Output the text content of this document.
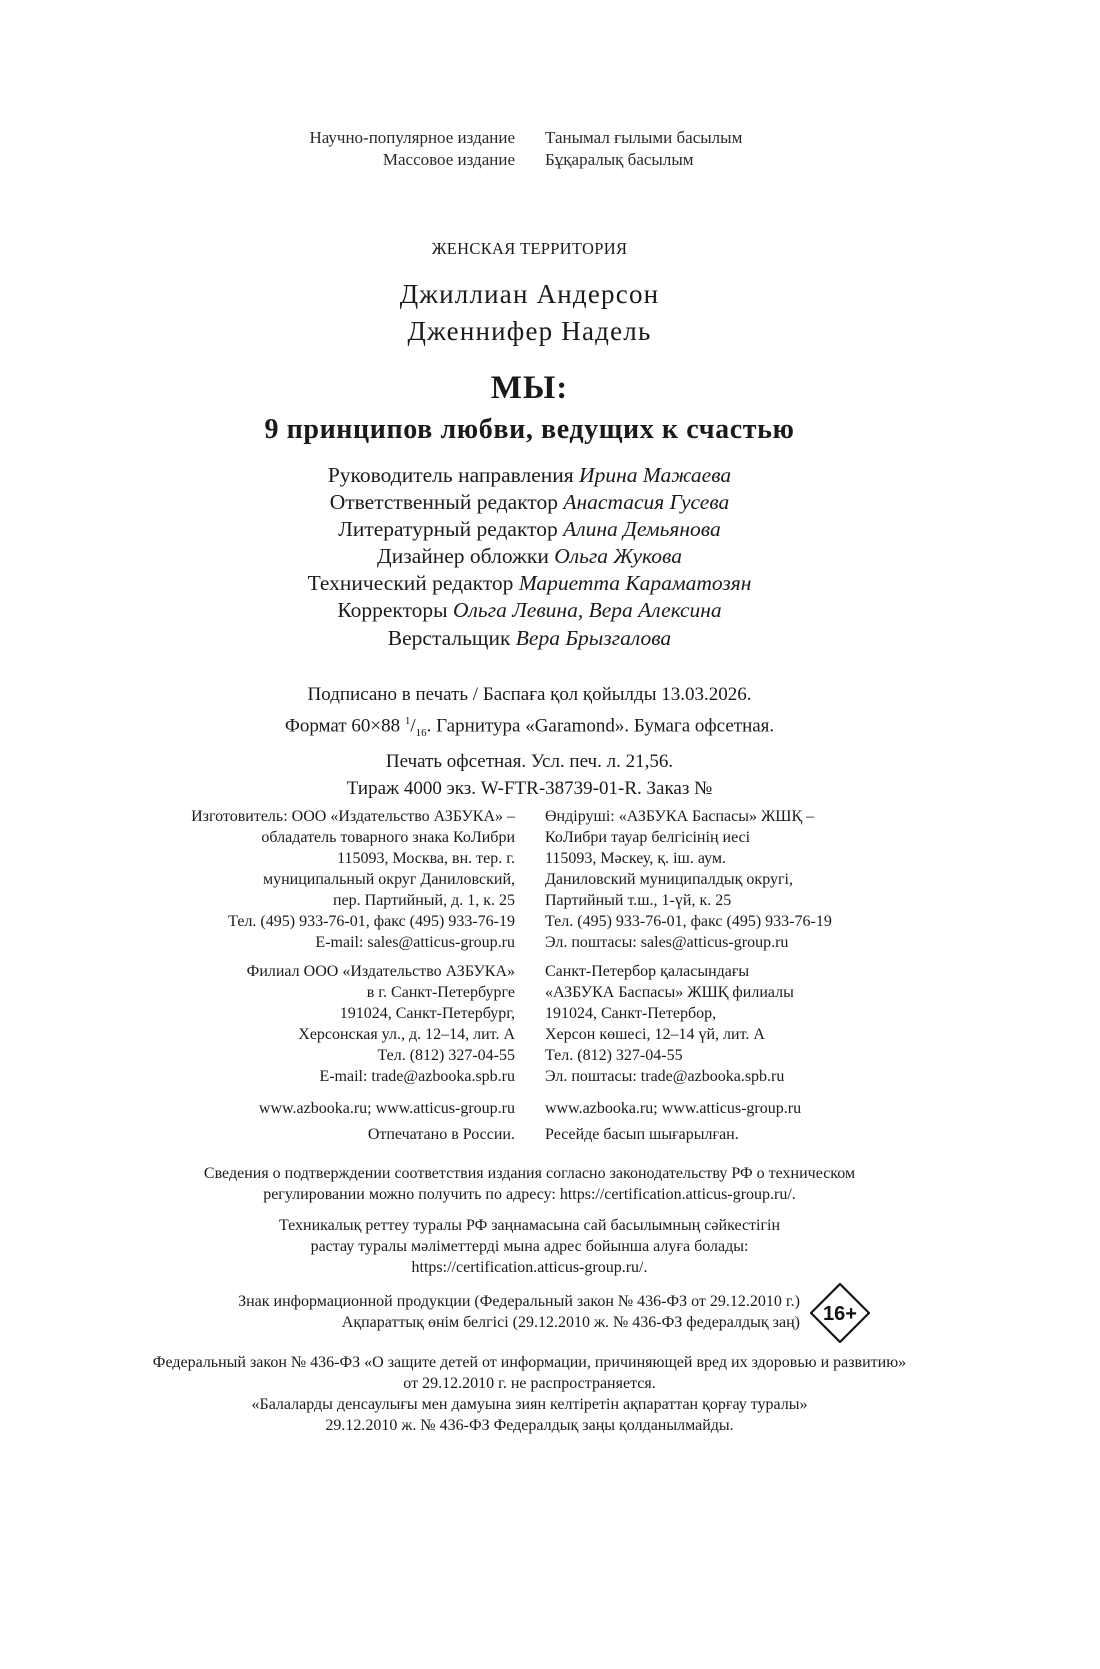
Научно-популярное издание
Массовое издание
Танымал ғылыми басылым
Бұқаралық басылым
ЖЕНСКАЯ ТЕРРИТОРИЯ
Джиллиан Андерсон
Дженнифер Надель
МЫ:
9 принципов любви, ведущих к счастью
Руководитель направления Ирина Мажаева
Ответственный редактор Анастасия Гусева
Литературный редактор Алина Демьянова
Дизайнер обложки Ольга Жукова
Технический редактор Мариетта Караматозян
Корректоры Ольга Левина, Вера Алексина
Верстальщик Вера Брызгалова
Подписано в печать / Баспаға қол қойылды 13.03.2026.
Формат 60×88 $^1/_{16}$. Гарнитура «Garamond». Бумага офсетная.
Печать офсетная. Усл. печ. л. 21,56.
Тираж 4000 экз. W-FTR-38739-01-R. Заказ №
Изготовитель: ООО «Издательство АЗБУКА» –
обладатель товарного знака КоЛибри
115093, Москва, вн. тер. г.
муниципальный округ Даниловский,
пер. Партийный, д. 1, к. 25
Тел. (495) 933-76-01, факс (495) 933-76-19
E-mail: sales@atticus-group.ru
Өндіруші: «АЗБУКА Баспасы» ЖШҚ –
КоЛибри тауар белгісінің иесі
115093, Мәскеу, қ. іш. аум.
Даниловский муниципалдық округі,
Партийный т.ш., 1-үй, к. 25
Тел. (495) 933-76-01, факс (495) 933-76-19
Эл. поштасы: sales@atticus-group.ru
Филиал ООО «Издательство АЗБУКА»
в г. Санкт-Петербурге
191024, Санкт-Петербург,
Херсонская ул., д. 12–14, лит. А
Тел. (812) 327-04-55
E-mail: trade@azbooka.spb.ru
Санкт-Петербор қаласындағы
«АЗБУКА Баспасы» ЖШҚ филиалы
191024, Санкт-Петербор,
Херсон көшесі, 12–14 үй, лит. А
Тел. (812) 327-04-55
Эл. поштасы: trade@azbooka.spb.ru
www.azbooka.ru; www.atticus-group.ru www.azbooka.ru; www.atticus-group.ru
Отпечатано в России. Ресейде басып шығарылған.
Сведения о подтверждении соответствия издания согласно законодательству РФ о техническом
регулировании можно получить по адресу: https://certification.atticus-group.ru/.
Техникалық реттеу туралы РФ заңнамасына сай басылымның сәйкестігін
растау туралы мәліметтерді мына адрес бойынша алуға болады:
https://certification.atticus-group.ru/.
Знак информационной продукции (Федеральный закон № 436-ФЗ от 29.12.2010 г.)
Ақпараттық өнім белгісі (29.12.2010 ж. № 436-ФЗ федералдық заң) 16+
Федеральный закон № 436-ФЗ «О защите детей от информации, причиняющей вред их здоровью и развитию»
от 29.12.2010 г. не распространяется.
«Балаларды денсаулығы мен дамуына зиян келтіретін ақпараттан қорғау туралы»
29.12.2010 ж. № 436-ФЗ Федералдық заңы қолданылмайды.
